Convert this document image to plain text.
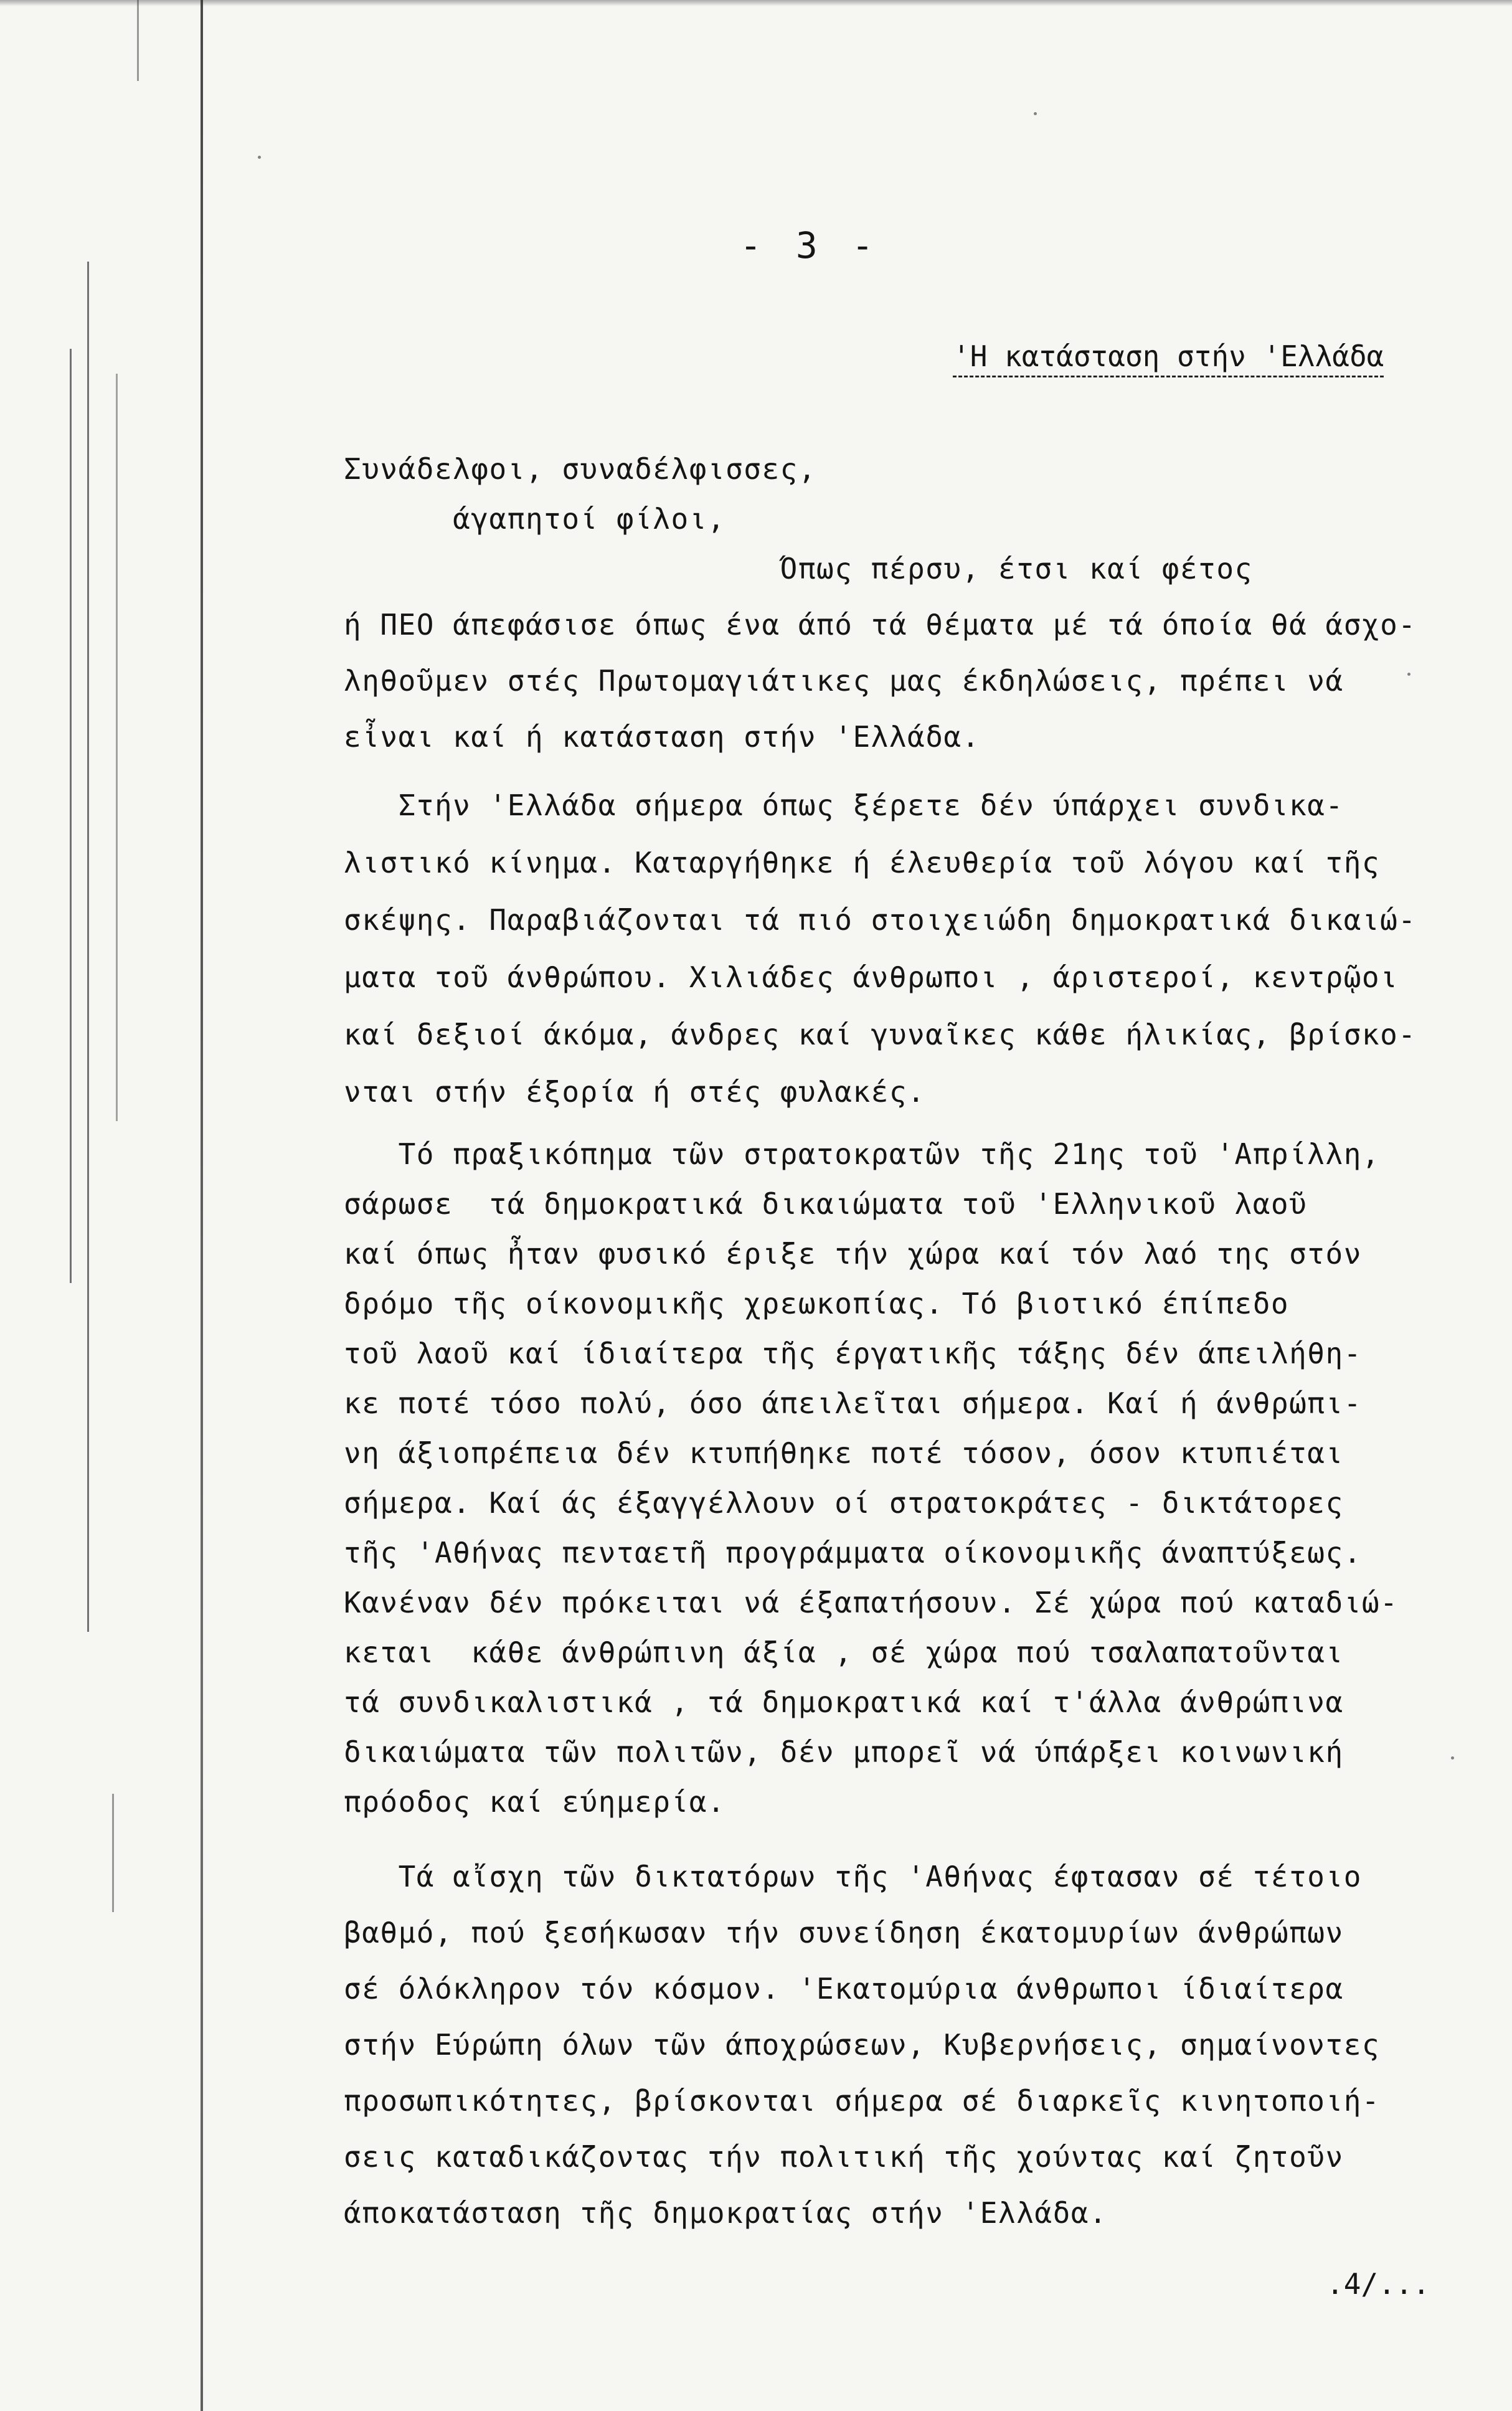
- 3 -
'Η κατάσταση στήν 'Ελλάδα
Συνάδελφοι, συναδέλφισσες,
άγαπητοί φίλοι,
Όπως πέρσυ, έτσι καί φέτος
ή ΠΕΟ άπεφάσισε όπως ένα άπό τά θέματα μέ τά όποία θά άσχο-
ληθοῦμεν στές Πρωτομαγιάτικες μας έκδηλώσεις, πρέπει νά
εἶναι καί ή κατάσταση στήν 'Ελλάδα.
Στήν 'Ελλάδα σήμερα όπως ξέρετε δέν ύπάρχει συνδικα-
λιστικό κίνημα. Καταργήθηκε ή έλευθερία τοῦ λόγου καί τῆς
σκέψης. Παραβιάζονται τά πιό στοιχειώδη δημοκρατικά δικαιώ-
ματα τοῦ άνθρώπου. Χιλιάδες άνθρωποι , άριστεροί, κεντρῷοι
καί δεξιοί άκόμα, άνδρες καί γυναῖκες κάθε ήλικίας, βρίσκο-
νται στήν έξορία ή στές φυλακές.
Τό πραξικόπημα τῶν στρατοκρατῶν τῆς 21ης τοῦ 'Απρίλλη,
σάρωσε  τά δημοκρατικά δικαιώματα τοῦ 'Ελληνικοῦ λαοῦ
καί όπως ἦταν φυσικό έριξε τήν χώρα καί τόν λαό της στόν
δρόμο τῆς οίκονομικῆς χρεωκοπίας. Τό βιοτικό έπίπεδο
τοῦ λαοῦ καί ίδιαίτερα τῆς έργατικῆς τάξης δέν άπειλήθη-
κε ποτέ τόσο πολύ, όσο άπειλεῖται σήμερα. Καί ή άνθρώπι-
νη άξιοπρέπεια δέν κτυπήθηκε ποτέ τόσον, όσον κτυπιέται
σήμερα. Καί άς έξαγγέλλουν οί στρατοκράτες - δικτάτορες
τῆς 'Αθήνας πενταετῆ προγράμματα οίκονομικῆς άναπτύξεως.
Κανέναν δέν πρόκειται νά έξαπατήσουν. Σέ χώρα πού καταδιώ-
κεται  κάθε άνθρώπινη άξία , σέ χώρα πού τσαλαπατοῦνται
τά συνδικαλιστικά , τά δημοκρατικά καί τ'άλλα άνθρώπινα
δικαιώματα τῶν πολιτῶν, δέν μπορεῖ νά ύπάρξει κοινωνική
πρόοδος καί εύημερία.
Τά αἴσχη τῶν δικτατόρων τῆς 'Αθήνας έφτασαν σέ τέτοιο
βαθμό, πού ξεσήκωσαν τήν συνείδηση έκατομυρίων άνθρώπων
σέ όλόκληρον τόν κόσμον. 'Εκατομύρια άνθρωποι ίδιαίτερα
στήν Εύρώπη όλων τῶν άποχρώσεων, Κυβερνήσεις, σημαίνοντες
προσωπικότητες, βρίσκονται σήμερα σέ διαρκεῖς κινητοποιή-
σεις καταδικάζοντας τήν πολιτική τῆς χούντας καί ζητοῦν
άποκατάσταση τῆς δημοκρατίας στήν 'Ελλάδα.
.4/...
